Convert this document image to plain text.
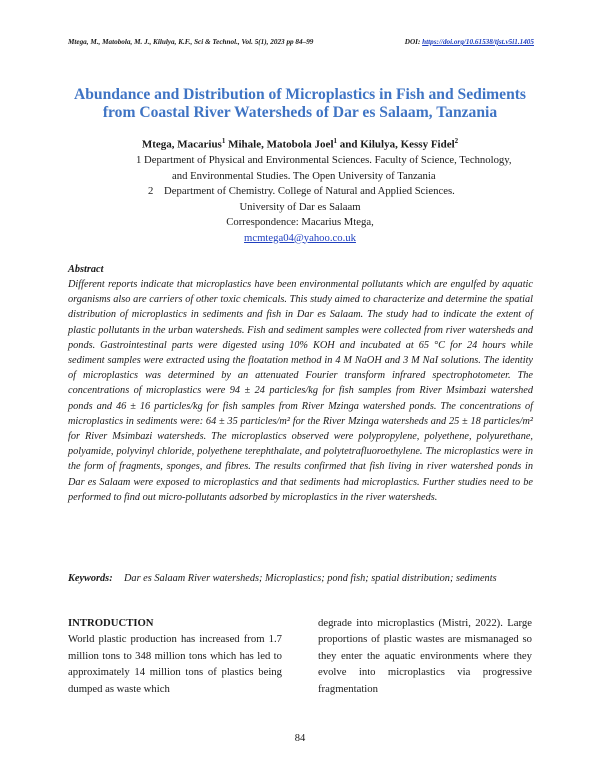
Mtega, M., Matobola, M. J., Kilulya, K.F., Sci & Technol., Vol. 5(1), 2023 pp 84–99	DOI: https://doi.org/10.61538/tjst.v5i1.1405
Abundance and Distribution of Microplastics in Fish and Sediments from Coastal River Watersheds of Dar es Salaam, Tanzania
Mtega, Macarius$^1$ Mihale, Matobola Joel$^1$ and Kilulya, Kessy Fidel$^2$
1 Department of Physical and Environmental Sciences. Faculty of Science, Technology,
and Environmental Studies. The Open University of Tanzania
2    Department of Chemistry. College of Natural and Applied Sciences.
University of Dar es Salaam
Correspondence: Macarius Mtega,
mcmtega04@yahoo.co.uk
Abstract
Different reports indicate that microplastics have been environmental pollutants which are engulfed by aquatic organisms also are carriers of other toxic chemicals. This study aimed to characterize and determine the spatial distribution of microplastics in sediments and fish in Dar es Salaam. The study had to indicate the extent of plastic pollutants in the urban watersheds. Fish and sediment samples were collected from river watersheds and ponds. Gastrointestinal parts were digested using 10% KOH and incubated at 65 °C for 24 hours while sediment samples were extracted using the floatation method in 4 M NaOH and 3 M NaI solutions. The identity of microplastics was determined by an attenuated Fourier transform infrared spectrophotometer. The concentrations of microplastics were 94 ± 24 particles/kg for fish samples from River Msimbazi watershed ponds and 46 ± 16 particles/kg for fish samples from River Mzinga watershed ponds. The concentrations of microplastics in sediments were: 64 ± 35 particles/m² for the River Mzinga watersheds and 25 ± 18 particles/m² for River Msimbazi watersheds. The microplastics observed were polypropylene, polyethene, polyurethane, polyamide, polyvinyl chloride, polyethene terephthalate, and polytetrafluoroethylene. The microplastics were in the form of fragments, sponges, and fibres. The results confirmed that fish living in river watershed ponds in Dar es Salaam were exposed to microplastics and that sediments had microplastics. Further studies need to be performed to find out micro-pollutants adsorbed by microplastics in the river watersheds.
Keywords:	Dar es Salaam River watersheds; Microplastics; pond fish; spatial distribution; sediments
INTRODUCTION
World plastic production has increased from 1.7 million tons to 348 million tons which has led to approximately 14 million tons of plastics being dumped as waste which
degrade into microplastics (Mistri, 2022). Large proportions of plastic wastes are mismanaged so they enter the aquatic environments where they evolve into microplastics via progressive fragmentation
84
